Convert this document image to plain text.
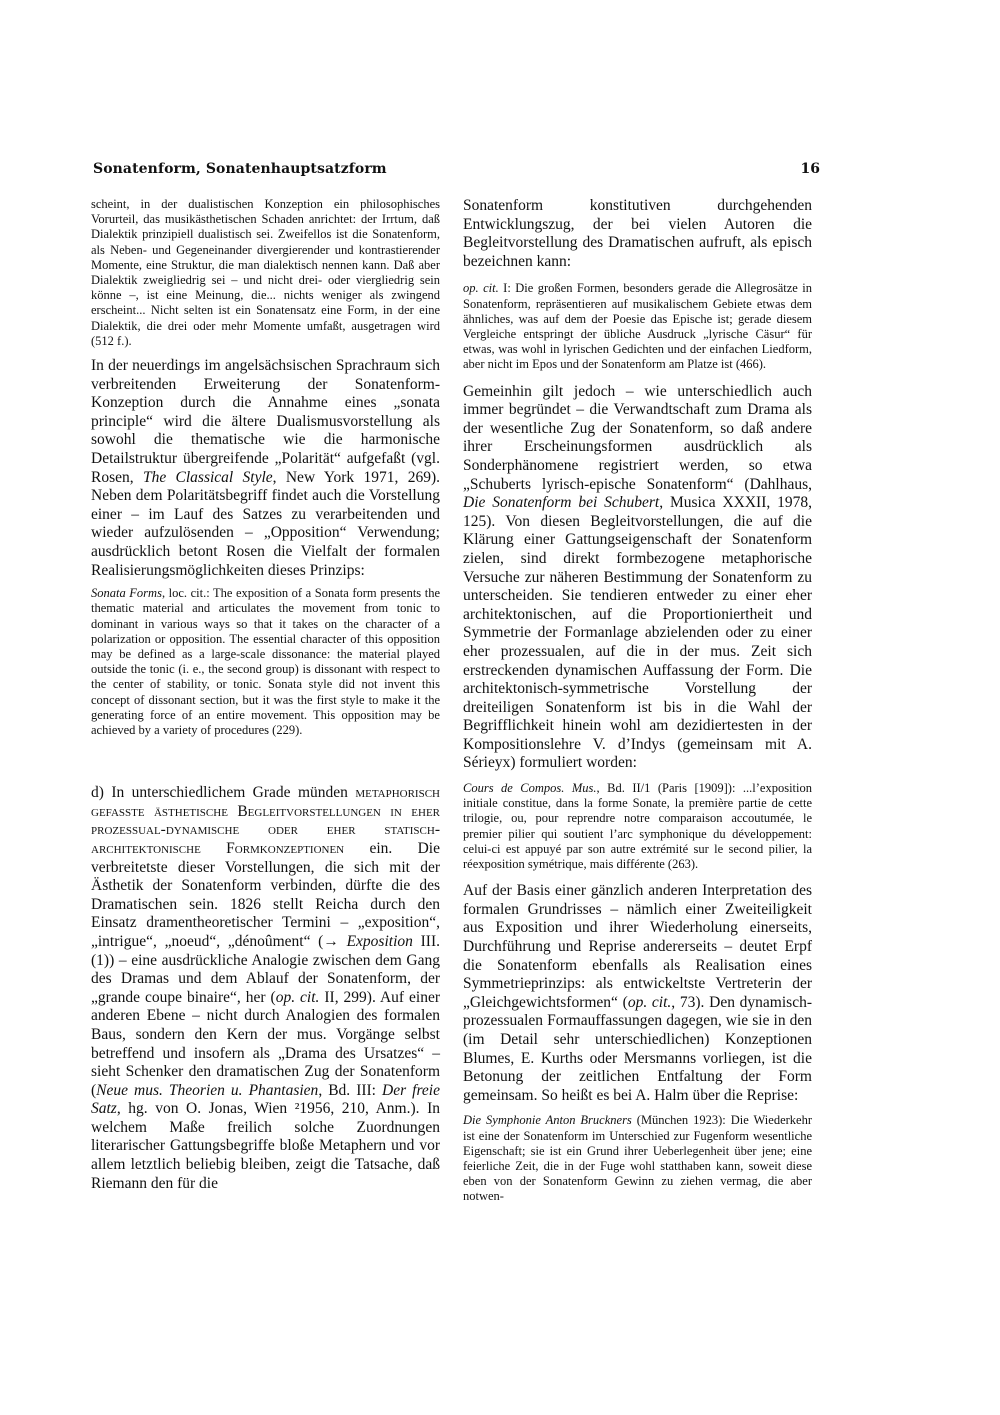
Sonatenform, Sonatenhauptsatzform	16

scheint, in der dualistischen Konzeption ein philosophisches Vorurteil, das musikästhetischen Schaden anrichtet: der Irrtum, daß Dialektik prinzipiell dualistisch sei. Zweifellos ist die Sonatenform, als Neben- und Gegeneinander divergierender und kontrastierender Momente, eine Struktur, die man dialektisch nennen kann. Daß aber Dialektik zweigliedrig sei – und nicht drei- oder viergliedrig sein könne –, ist eine Meinung, die... nichts weniger als zwingend erscheint... Nicht selten ist ein Sonatensatz eine Form, in der eine Dialektik, die drei oder mehr Momente umfaßt, ausgetragen wird (512 f.).

In der neuerdings im angelsächsischen Sprachraum sich verbreitenden Erweiterung der Sonatenform-Konzeption durch die Annahme eines „sonata principle“ wird die ältere Dualismusvorstellung als sowohl die thematische wie die harmonische Detailstruktur übergreifende „Polarität“ aufgefaßt (vgl. Rosen, The Classical Style, New York 1971, 269). Neben dem Polaritätsbegriff findet auch die Vorstellung einer – im Lauf des Satzes zu verarbeitenden und wieder aufzulösenden – „Opposition“ Verwendung; ausdrücklich betont Rosen die Vielfalt der formalen Realisierungsmöglichkeiten dieses Prinzips:

Sonata Forms, loc. cit.: The exposition of a Sonata form presents the thematic material and articulates the movement from tonic to dominant in various ways so that it takes on the character of a polarization or opposition. The essential character of this opposition may be defined as a large-scale dissonance: the material played outside the tonic (i. e., the second group) is dissonant with respect to the center of stability, or tonic. Sonata style did not invent this concept of dissonant section, but it was the first style to make it the generating force of an entire movement. This opposition may be achieved by a variety of procedures (229).

d) In unterschiedlichem Grade münden metaphorisch gefasste ästhetische Begleitvorstellungen in eher prozessual-dynamische oder eher statisch-architektonische Formkonzeptionen ein. Die verbreitetste dieser Vorstellungen, die sich mit der Ästhetik der Sonatenform verbinden, dürfte die des Dramatischen sein. 1826 stellt Reicha durch den Einsatz dramentheoretischer Termini – „exposition“, „intrigue“, „noeud“, „dénoûment“ (→ Exposition III. (1)) – eine ausdrückliche Analogie zwischen dem Gang des Dramas und dem Ablauf der Sonatenform, der „grande coupe binaire“, her (op. cit. II, 299). Auf einer anderen Ebene – nicht durch Analogien des formalen Baus, sondern den Kern der mus. Vorgänge selbst betreffend und insofern als „Drama des Ursatzes“ – sieht Schenker den dramatischen Zug der Sonatenform (Neue mus. Theorien u. Phantasien, Bd. III: Der freie Satz, hg. von O. Jonas, Wien ²1956, 210, Anm.). In welchem Maße freilich solche Zuordnungen literarischer Gattungsbegriffe bloße Metaphern und vor allem letztlich beliebig bleiben, zeigt die Tatsache, daß Riemann den für die

Sonatenform konstitutiven durchgehenden Entwicklungszug, der bei vielen Autoren die Begleitvorstellung des Dramatischen aufruft, als episch bezeichnen kann:

op. cit. I: Die großen Formen, besonders gerade die Allegrosätze in Sonatenform, repräsentieren auf musikalischem Gebiete etwas dem ähnliches, was auf dem der Poesie das Epische ist; gerade diesem Vergleiche entspringt der übliche Ausdruck „lyrische Cäsur“ für etwas, was wohl in lyrischen Gedichten und der einfachen Liedform, aber nicht im Epos und der Sonatenform am Platze ist (466).

Gemeinhin gilt jedoch – wie unterschiedlich auch immer begründet – die Verwandtschaft zum Drama als der wesentliche Zug der Sonatenform, so daß andere ihrer Erscheinungsformen ausdrücklich als Sonderphänomene registriert werden, so etwa „Schuberts lyrisch-epische Sonatenform“ (Dahlhaus, Die Sonatenform bei Schubert, Musica XXXII, 1978, 125). Von diesen Begleitvorstellungen, die auf die Klärung einer Gattungseigenschaft der Sonatenform zielen, sind direkt formbezogene metaphorische Versuche zur näheren Bestimmung der Sonatenform zu unterscheiden. Sie tendieren entweder zu einer eher architektonischen, auf die Proportioniertheit und Symmetrie der Formanlage abzielenden oder zu einer eher prozessualen, auf die in der mus. Zeit sich erstreckenden dynamischen Auffassung der Form. Die architektonisch-symmetrische Vorstellung der dreiteiligen Sonatenform ist bis in die Wahl der Begrifflichkeit hinein wohl am dezidiertesten in der Kompositionslehre V. d’Indys (gemeinsam mit A. Sérieyx) formuliert worden:

Cours de Compos. Mus., Bd. II/1 (Paris [1909]): ...l’exposition initiale constitue, dans la forme Sonate, la première partie de cette trilogie, ou, pour reprendre notre comparaison accoutumée, le premier pilier qui soutient l’arc symphonique du développement: celui-ci est appuyé par son autre extrémité sur le second pilier, la réexposition symétrique, mais différente (263).

Auf der Basis einer gänzlich anderen Interpretation des formalen Grundrisses – nämlich einer Zweiteiligkeit aus Exposition und ihrer Wiederholung einerseits, Durchführung und Reprise andererseits – deutet Erpf die Sonatenform ebenfalls als Realisation eines Symmetrieprinzips: als entwickeltste Vertreterin der „Gleichgewichtsformen“ (op. cit., 73). Den dynamisch-prozessualen Formauffassungen dagegen, wie sie in den (im Detail sehr unterschiedlichen) Konzeptionen Blumes, E. Kurths oder Mersmanns vorliegen, ist die Betonung der zeitlichen Entfaltung der Form gemeinsam. So heißt es bei A. Halm über die Reprise:

Die Symphonie Anton Bruckners (München 1923): Die Wiederkehr ist eine der Sonatenform im Unterschied zur Fugenform wesentliche Eigenschaft; sie ist ein Grund ihrer Ueberlegenheit über jene; eine feierliche Zeit, die in der Fuge wohl statthaben kann, soweit diese eben von der Sonatenform Gewinn zu ziehen vermag, die aber notwen-
